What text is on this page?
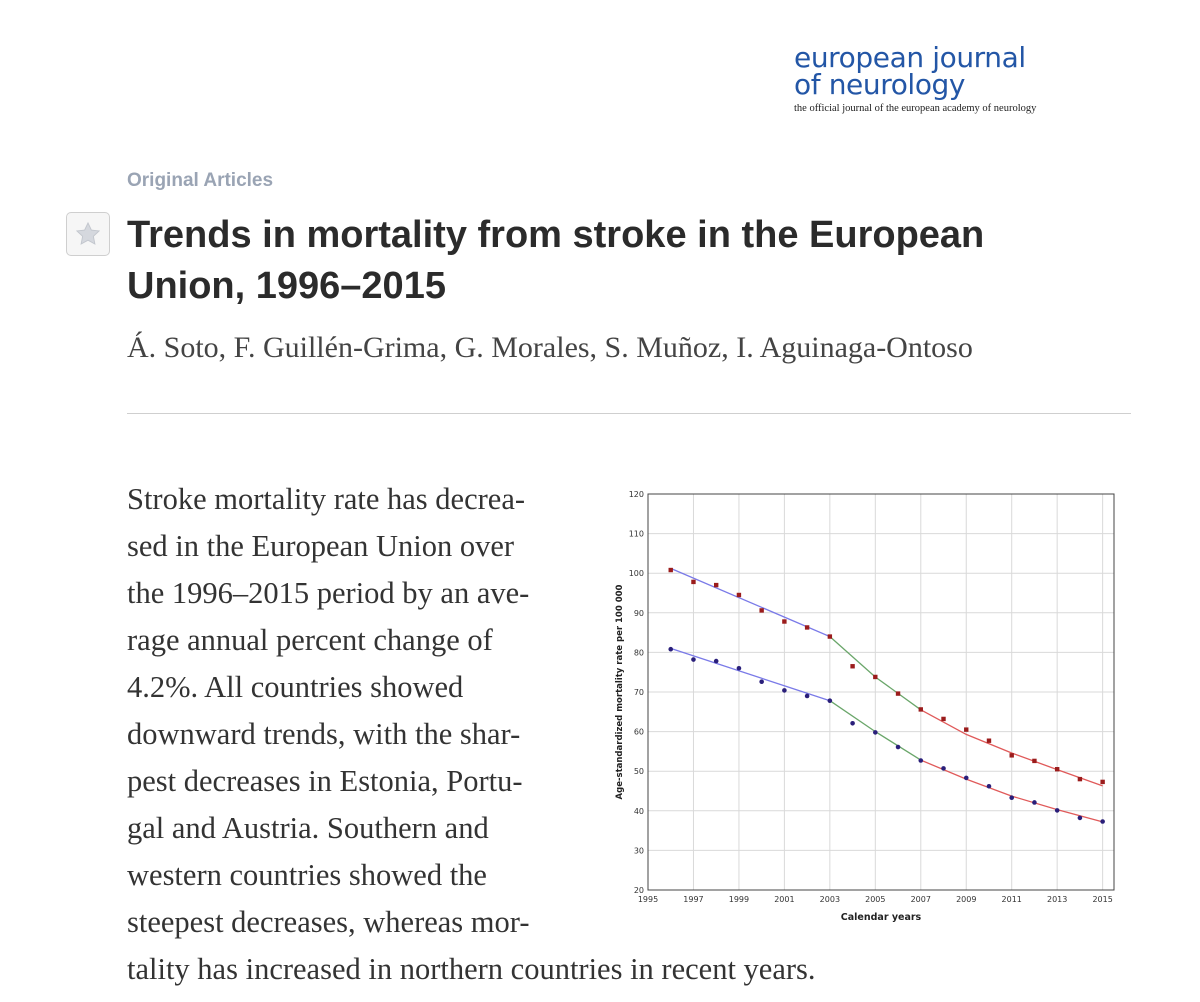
european journal
of neurology
the official journal of the european academy of neurology
Original Articles
Trends in mortality from stroke in the European
Union, 1996–2015
Á. Soto, F. Guillén-Grima, G. Morales, S. Muñoz, I. Aguinaga-Ontoso
Stroke mortality rate has decrea-
sed in the European Union over
the 1996–2015 period by an ave-
rage annual percent change of
4.2%. All countries showed
downward trends, with the shar-
pest decreases in Estonia, Portu-
gal and Austria. Southern and
western countries showed the
steepest decreases, whereas mor-
tality has increased in northern countries in recent years.
20
30
40
50
60
70
80
90
100
110
120
1995	1997	1999	2001	2003	2005	2007	2009	2011	2013	2015
Calendar years
Age-standardized mortality rate per 100 000
